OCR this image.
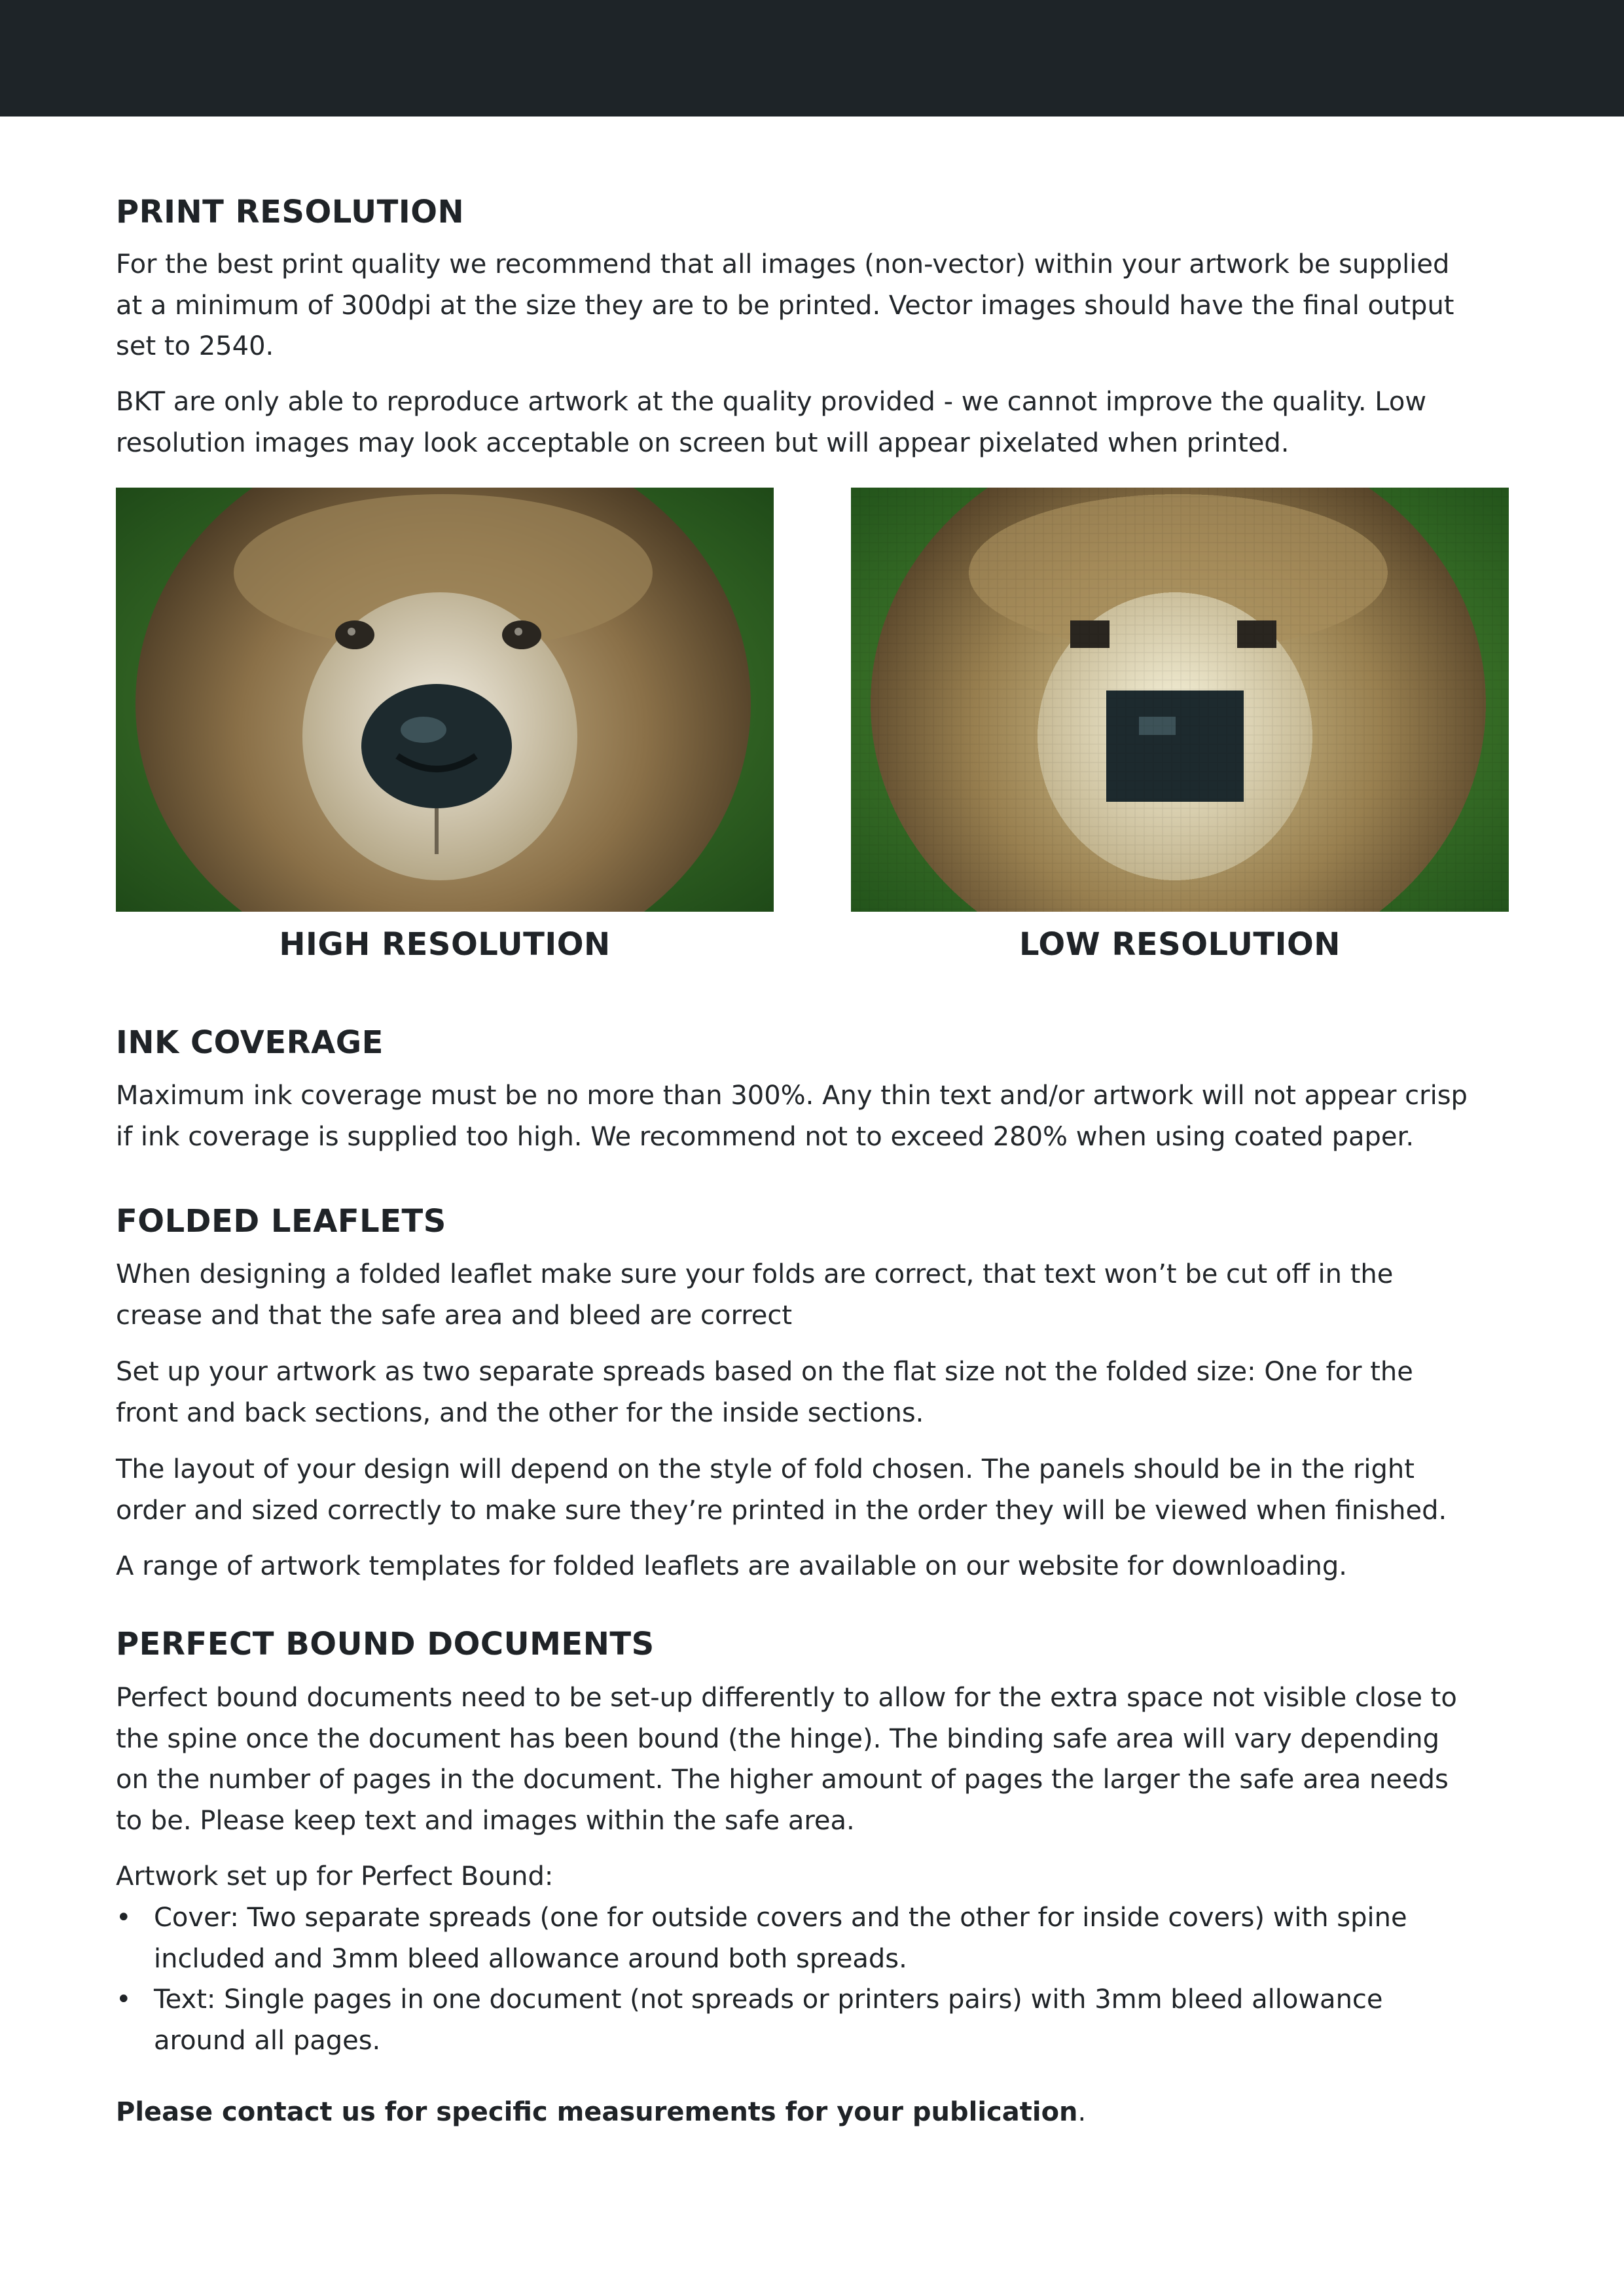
PRINT RESOLUTION

For the best print quality we recommend that all images (non-vector) within your artwork be supplied
at a minimum of 300dpi at the size they are to be printed. Vector images should have the final output
set to 2540.

BKT are only able to reproduce artwork at the quality provided - we cannot improve the quality. Low
resolution images may look acceptable on screen but will appear pixelated when printed.

HIGH RESOLUTION	LOW RESOLUTION
INK COVERAGE

Maximum ink coverage must be no more than 300%. Any thin text and/or artwork will not appear crisp
if ink coverage is supplied too high. We recommend not to exceed 280% when using coated paper.

FOLDED LEAFLETS

When designing a folded leaflet make sure your folds are correct, that text won’t be cut off in the
crease and that the safe area and bleed are correct

Set up your artwork as two separate spreads based on the flat size not the folded size: One for the
front and back sections, and the other for the inside sections.

The layout of your design will depend on the style of fold chosen. The panels should be in the right
order and sized correctly to make sure they’re printed in the order they will be viewed when finished.

A range of artwork templates for folded leaflets are available on our website for downloading.

PERFECT BOUND DOCUMENTS

Perfect bound documents need to be set-up differently to allow for the extra space not visible close to
the spine once the document has been bound (the hinge). The binding safe area will vary depending
on the number of pages in the document. The higher amount of pages the larger the safe area needs
to be. Please keep text and images within the safe area.

Artwork set up for Perfect Bound:

• Cover: Two separate spreads (one for outside covers and the other for inside covers) with spine
included and 3mm bleed allowance around both spreads.
• Text: Single pages in one document (not spreads or printers pairs) with 3mm bleed allowance
around all pages.
Please contact us for specific measurements for your publication.
